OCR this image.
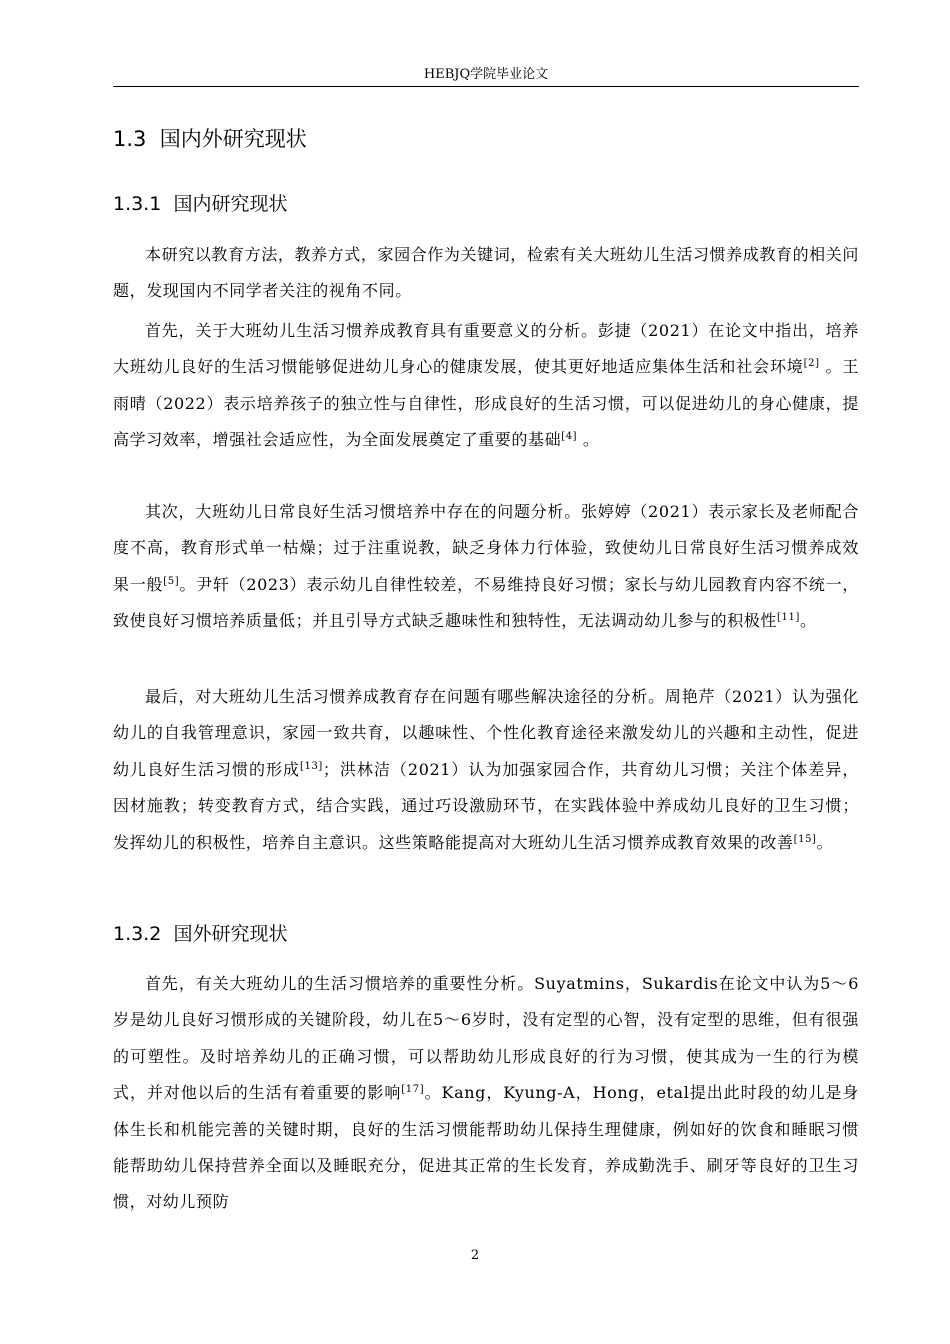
HEBJQ学院毕业论文
1.3 国内外研究现状
1.3.1 国内研究现状

本研究以教育方法，教养方式，家园合作为关键词，检索有关大班幼儿生活习惯养成教育的相关问题，发现国内不同学者关注的视角不同。

首先，关于大班幼儿生活习惯养成教育具有重要意义的分析。彭捷（2021）在论文中指出，培养大班幼儿良好的生活习惯能够促进幼儿身心的健康发展，使其更好地适应集体生活和社会环境[2] 。王雨晴（2022）表示培养孩子的独立性与自律性，形成良好的生活习惯，可以促进幼儿的身心健康，提高学习效率，增强社会适应性，为全面发展奠定了重要的基础[4] 。

其次，大班幼儿日常良好生活习惯培养中存在的问题分析。张婷婷（2021）表示家长及老师配合度不高，教育形式单一枯燥；过于注重说教，缺乏身体力行体验，致使幼儿日常良好生活习惯养成效果一般[5]。尹轩（2023）表示幼儿自律性较差，不易维持良好习惯；家长与幼儿园教育内容不统一，致使良好习惯培养质量低；并且引导方式缺乏趣味性和独特性，无法调动幼儿参与的积极性[11]。

最后，对大班幼儿生活习惯养成教育存在问题有哪些解决途径的分析。周艳芹（2021）认为强化幼儿的自我管理意识，家园一致共育，以趣味性、个性化教育途径来激发幼儿的兴趣和主动性，促进幼儿良好生活习惯的形成[13]；洪林洁（2021）认为加强家园合作，共育幼儿习惯；关注个体差异，因材施教；转变教育方式，结合实践，通过巧设激励环节，在实践体验中养成幼儿良好的卫生习惯；发挥幼儿的积极性，培养自主意识。这些策略能提高对大班幼儿生活习惯养成教育效果的改善[15]。

1.3.2 国外研究现状

首先，有关大班幼儿的生活习惯培养的重要性分析。Suyatmins，Sukardis在论文中认为5～6岁是幼儿良好习惯形成的关键阶段，幼儿在5～6岁时，没有定型的心智，没有定型的思维，但有很强的可塑性。及时培养幼儿的正确习惯，可以帮助幼儿形成良好的行为习惯，使其成为一生的行为模式，并对他以后的生活有着重要的影响[17]。Kang，Kyung-A，Hong，etal提出此时段的幼儿是身体生长和机能完善的关键时期，良好的生活习惯能帮助幼儿保持生理健康，例如好的饮食和睡眠习惯能帮助幼儿保持营养全面以及睡眠充分，促进其正常的生长发育，养成勤洗手、刷牙等良好的卫生习惯，对幼儿预防

2
